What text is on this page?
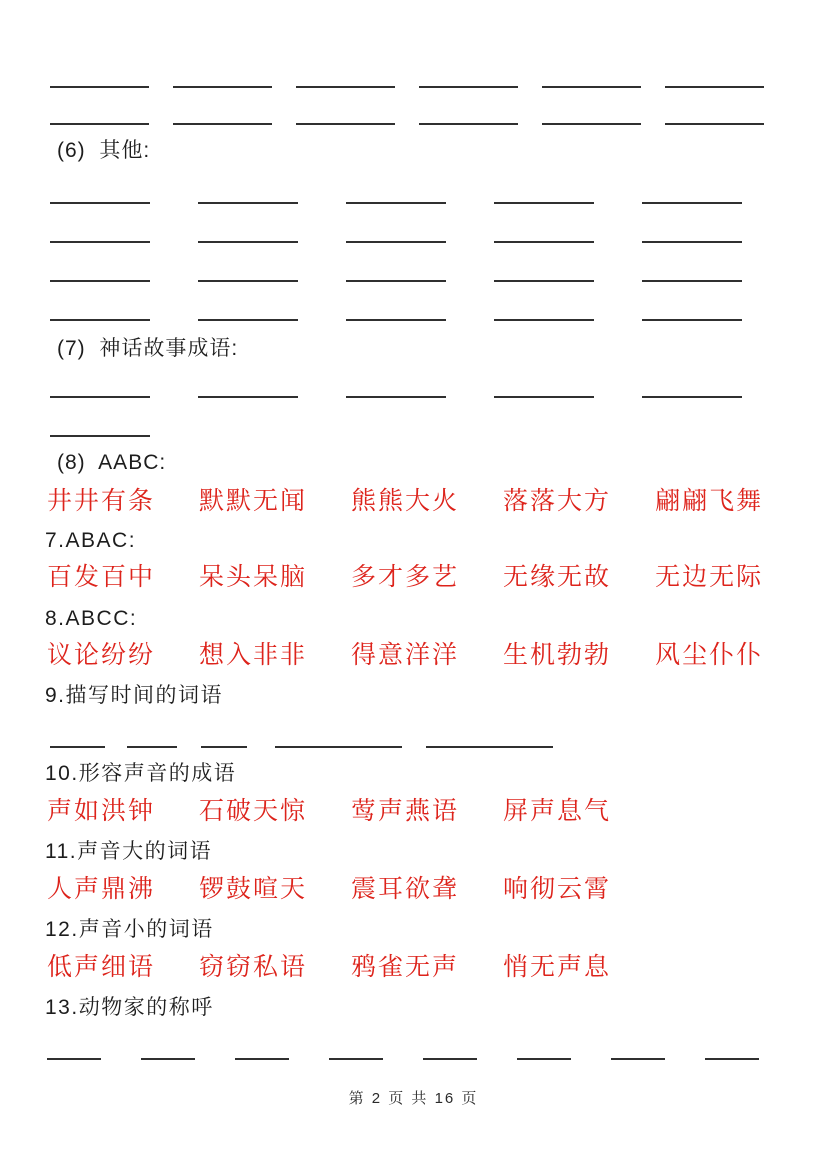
(6)  其他:
(7)  神话故事成语:
(8)  AABC:
井井有条 默默无闻 熊熊大火 落落大方 翩翩飞舞
7.ABAC:
百发百中 呆头呆脑 多才多艺 无缘无故 无边无际
8.ABCC:
议论纷纷 想入非非 得意洋洋 生机勃勃 风尘仆仆
9.描写时间的词语
10.形容声音的成语
声如洪钟 石破天惊 莺声燕语 屏声息气
11.声音大的词语
人声鼎沸 锣鼓喧天 震耳欲聋 响彻云霄
12.声音小的词语
低声细语 窃窃私语 鸦雀无声 悄无声息
13.动物家的称呼
第 2 页 共 16 页
